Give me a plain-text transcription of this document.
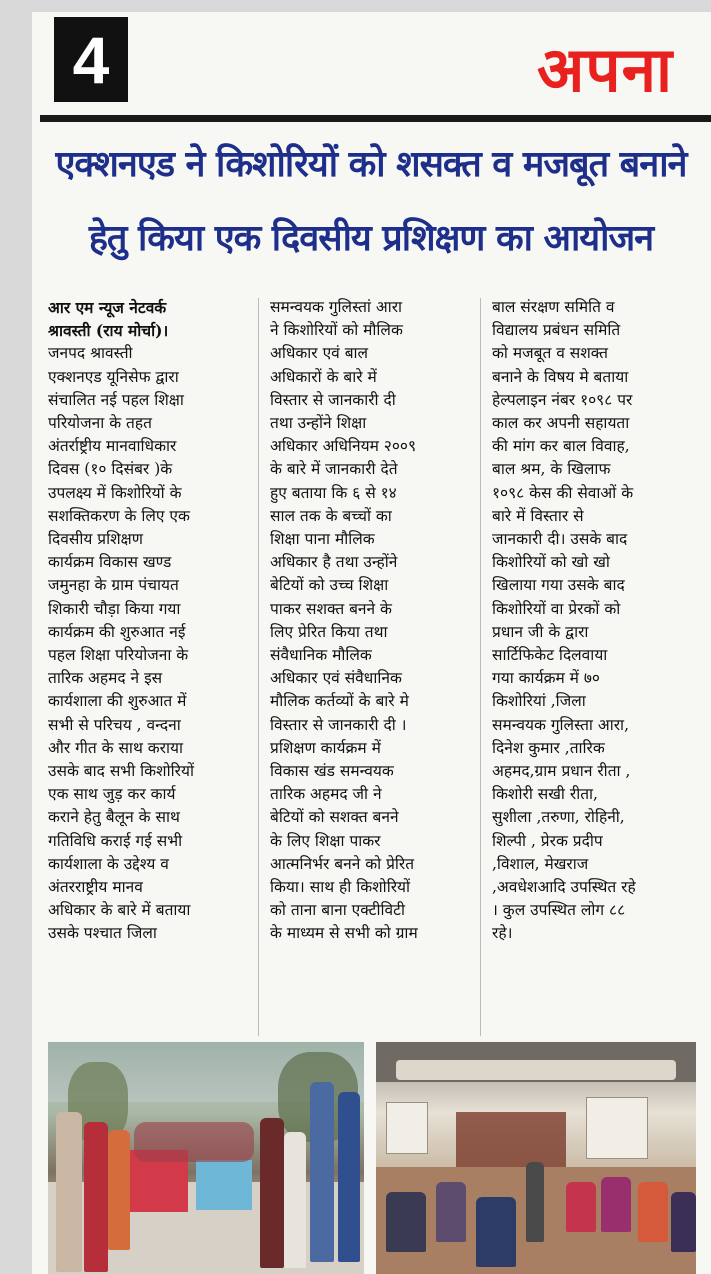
4	अपना
एक्शनएड ने किशोरियों को शसक्त व मजबूत बनाने
हेतु किया एक दिवसीय प्रशिक्षण का आयोजन
आर एम न्यूज नेटवर्क
श्रावस्ती (राय मोर्चा)।
जनपद श्रावस्ती
एक्शनएड यूनिसेफ द्वारा
संचालित नई पहल शिक्षा
परियोजना के तहत
अंतर्राष्ट्रीय मानवाधिकार
दिवस (१० दिसंबर )के
उपलक्ष्य में किशोरियों के
सशक्तिकरण के लिए एक
दिवसीय प्रशिक्षण
कार्यक्रम विकास खण्ड
जमुनहा के ग्राम पंचायत
शिकारी चौड़ा किया गया
कार्यक्रम की शुरुआत नई
पहल शिक्षा परियोजना के
तारिक अहमद ने इस
कार्यशाला की शुरुआत में
सभी से परिचय , वन्दना
और गीत के साथ कराया
उसके बाद सभी किशोरियों
एक साथ जुड़ कर कार्य
कराने हेतु बैलून के साथ
गतिविधि कराई गई सभी
कार्यशाला के उद्देश्य व
अंतरराष्ट्रीय मानव
अधिकार के बारे में बताया
उसके पश्चात जिला
समन्वयक गुलिस्तां आरा
ने किशोरियों को मौलिक
अधिकार एवं बाल
अधिकारों के बारे में
विस्तार से जानकारी दी
तथा उन्होंने शिक्षा
अधिकार अधिनियम २००९
के बारे में जानकारी देते
हुए बताया कि ६ से १४
साल तक के बच्चों का
शिक्षा पाना मौलिक
अधिकार है तथा उन्होंने
बेटियों को उच्च शिक्षा
पाकर सशक्त बनने के
लिए प्रेरित किया तथा
संवैधानिक मौलिक
अधिकार एवं संवैधानिक
मौलिक कर्तव्यों के बारे मे
विस्तार से जानकारी दी ।
प्रशिक्षण कार्यक्रम में
विकास खंड समन्वयक
तारिक अहमद जी ने
बेटियों को सशक्त बनने
के लिए शिक्षा पाकर
आत्मनिर्भर बनने को प्रेरित
किया। साथ ही किशोरियों
को ताना बाना एक्टीविटी
के माध्यम से सभी को ग्राम
बाल संरक्षण समिति व
विद्यालय प्रबंधन समिति
को मजबूत व सशक्त
बनाने के विषय मे बताया
हेल्पलाइन नंबर १०९८ पर
काल कर अपनी सहायता
की मांग कर बाल विवाह,
बाल श्रम, के खिलाफ
१०९८ केस की सेवाओं के
बारे में विस्तार से
जानकारी दी। उसके बाद
किशोरियों को खो खो
खिलाया गया उसके बाद
किशोरियों वा प्रेरकों को
प्रधान जी के द्वारा
सार्टिफिकेट दिलवाया
गया कार्यक्रम में ७०
किशोरियां ,जिला
समन्वयक गुलिस्ता आरा,
दिनेश कुमार ,तारिक
अहमद,ग्राम प्रधान रीता ,
किशोरी सखी रीता,
सुशीला ,तरुणा, रोहिनी,
शिल्पी , प्रेरक प्रदीप
,विशाल, मेखराज
,अवधेशआदि उपस्थित रहे
। कुल उपस्थित लोग ८८
रहे।
